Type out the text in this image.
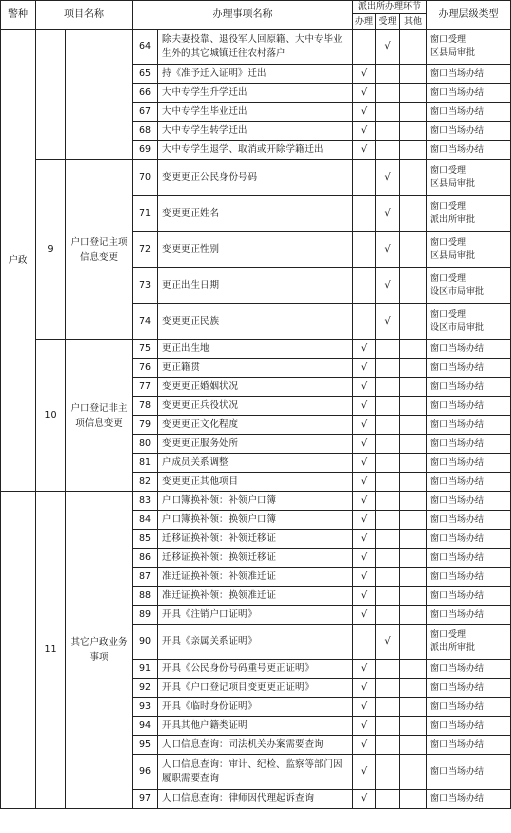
警种	项目名称		办理事项名称		派出所办理环节			办理层级类型
					办理	受理	其他	
户政			64	除夫妻投靠、退役军人回原籍、大中专毕业生外的其它城镇迁往农村落户		√		窗口受理
区县局审批
			65	持《准予迁入证明》迁出	√			窗口当场办结
			66	大中专学生升学迁出	√			窗口当场办结
			67	大中专学生毕业迁出	√			窗口当场办结
			68	大中专学生转学迁出	√			窗口当场办结
			69	大中专学生退学、取消或开除学籍迁出	√			窗口当场办结
	9	户口登记主项信息变更	70	变更更正公民身份号码		√		窗口受理
区县局审批
			71	变更更正姓名		√		窗口受理
派出所审批
			72	变更更正性别		√		窗口受理
区县局审批
			73	更正出生日期		√		窗口受理
设区市局审批
			74	变更更正民族		√		窗口受理
设区市局审批
	10	户口登记非主项信息变更	75	更正出生地	√			窗口当场办结
			76	更正籍贯	√			窗口当场办结
			77	变更更正婚姻状况	√			窗口当场办结
			78	变更更正兵役状况	√			窗口当场办结
			79	变更更正文化程度	√			窗口当场办结
			80	变更更正服务处所	√			窗口当场办结
			81	户成员关系调整	√			窗口当场办结
			82	变更更正其他项目	√			窗口当场办结
	11	其它户政业务事项	83	户口簿换补领：补领户口簿	√			窗口当场办结
			84	户口簿换补领：换领户口簿	√			窗口当场办结
			85	迁移证换补领：补领迁移证	√			窗口当场办结
			86	迁移证换补领：换领迁移证	√			窗口当场办结
			87	准迁证换补领：补领准迁证	√			窗口当场办结
			88	准迁证换补领：换领准迁证	√			窗口当场办结
			89	开具《注销户口证明》	√			窗口当场办结
			90	开具《亲属关系证明》		√		窗口受理
派出所审批
			91	开具《公民身份号码重号更正证明》	√			窗口当场办结
			92	开具《户口登记项目变更更正证明》	√			窗口当场办结
			93	开具《临时身份证明》	√			窗口当场办结
			94	开具其他户籍类证明	√			窗口当场办结
			95	人口信息查询：司法机关办案需要查询	√			窗口当场办结
			96	人口信息查询：审计、纪检、监察等部门因履职需要查询	√			窗口当场办结
			97	人口信息查询：律师因代理起诉查询	√			窗口当场办结
